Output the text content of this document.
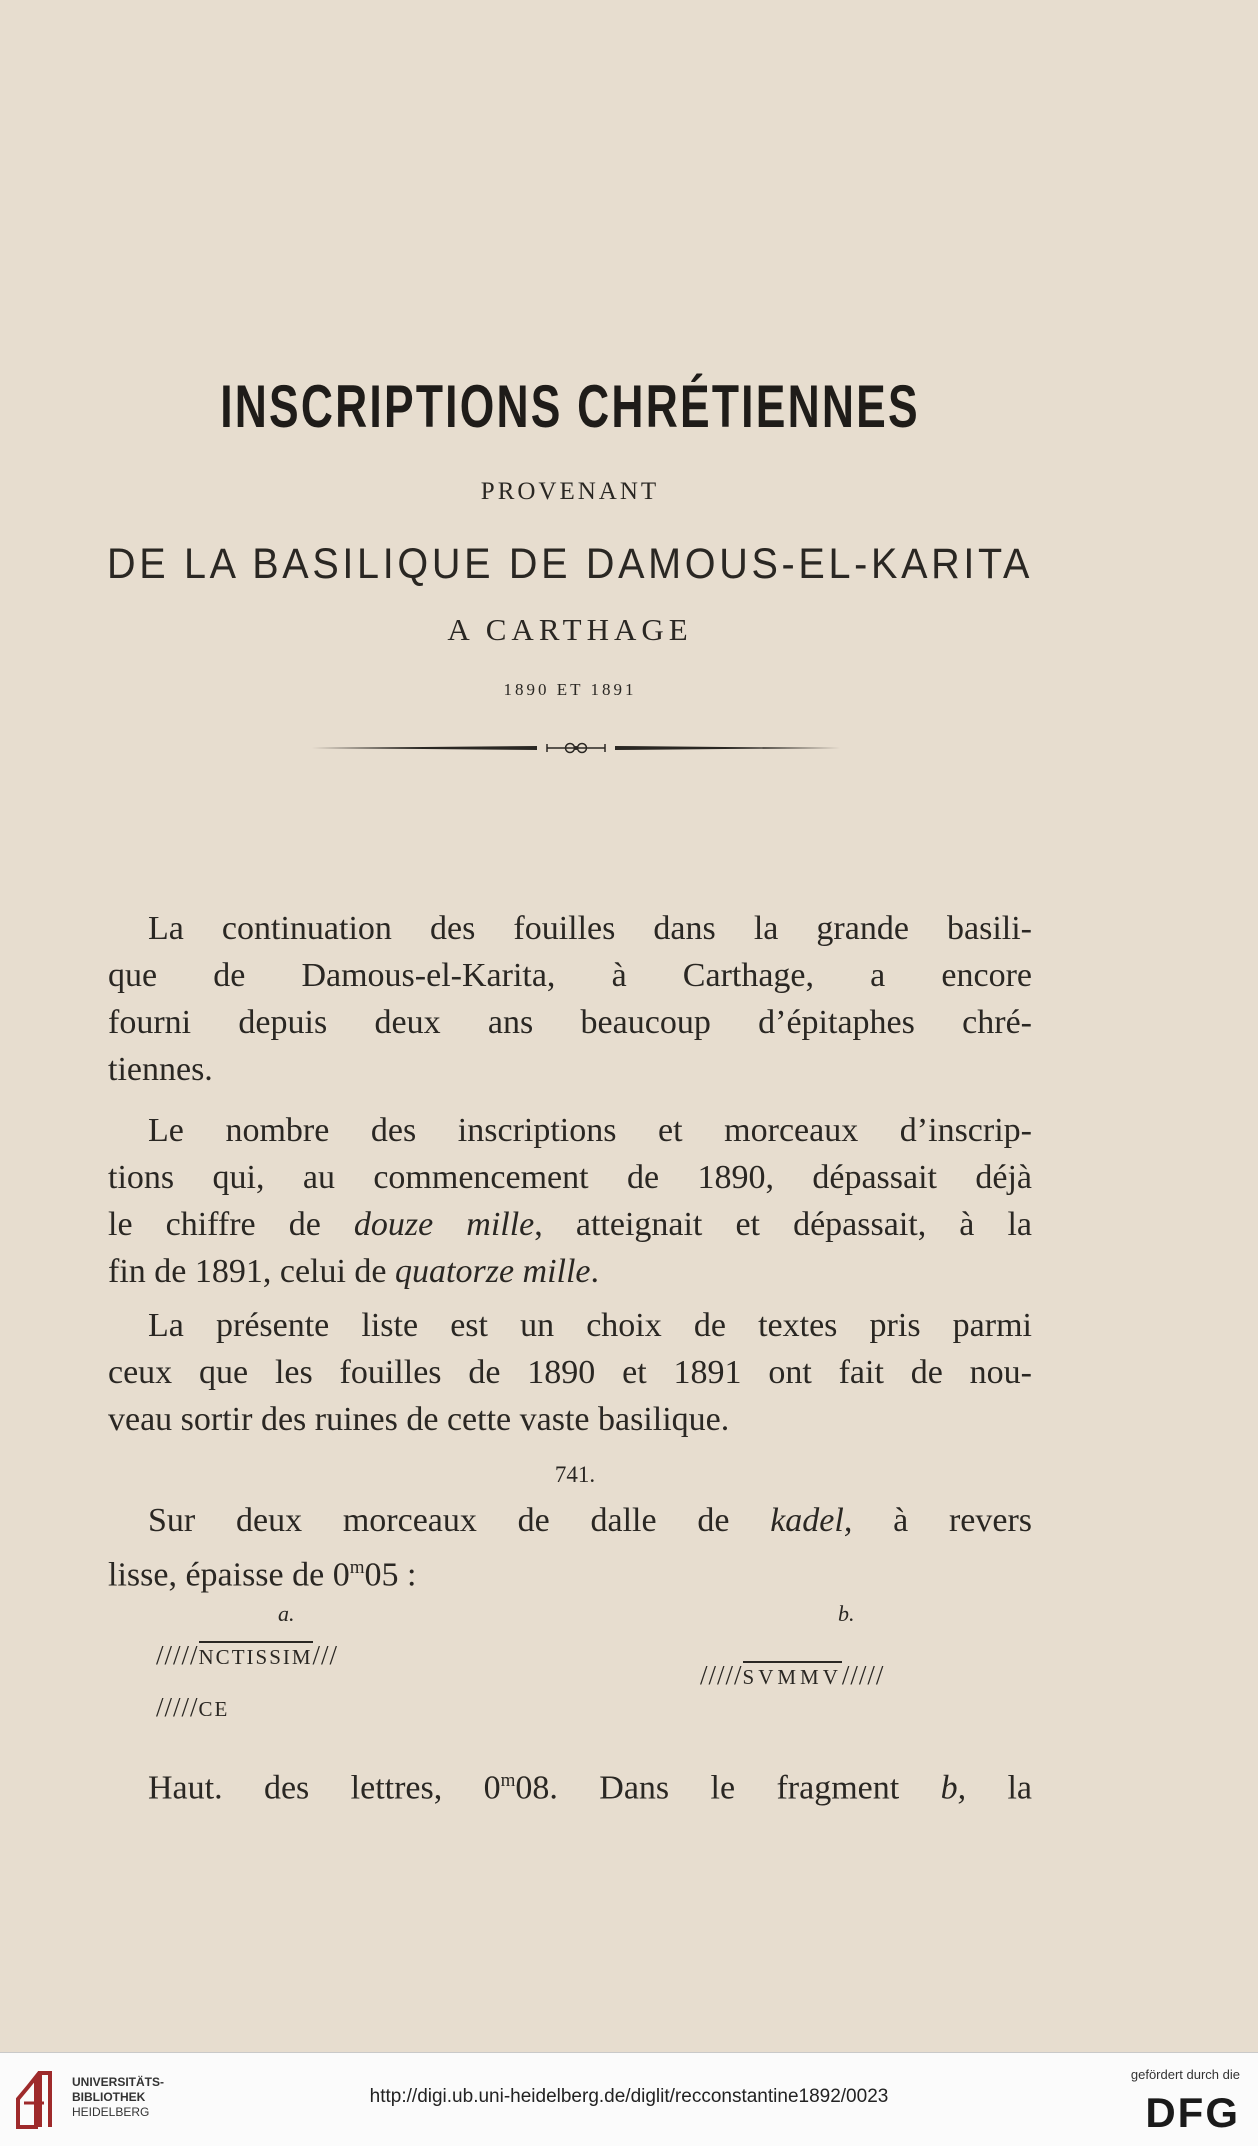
INSCRIPTIONS CHRÉTIENNES
PROVENANT
DE LA BASILIQUE DE DAMOUS-EL-KARITA
A CARTHAGE
1890 ET 1891
La continuation des fouilles dans la grande basili-
que de Damous-el-Karita, à Carthage, a encore
fourni depuis deux ans beaucoup d’épitaphes chré-
tiennes.
Le nombre des inscriptions et morceaux d’inscrip-
tions qui, au commencement de 1890, dépassait déjà
le chiffre de douze mille, atteignait et dépassait, à la
fin de 1891, celui de quatorze mille.
La présente liste est un choix de textes pris parmi
ceux que les fouilles de 1890 et 1891 ont fait de nou-
veau sortir des ruines de cette vaste basilique.
741.
Sur deux morceaux de dalle de kadel, à revers
lisse, épaisse de 0$^m$05 :
a.	b.
/////NCTISSIM///
/////CE
/////SVMMV/////
Haut. des lettres, 0$^m$08. Dans le fragment b, la
UNIVERSITÄTS-
BIBLIOTHEK
HEIDELBERG
http://digi.ub.uni-heidelberg.de/diglit/recconstantine1892/0023
gefördert durch die
DFG
